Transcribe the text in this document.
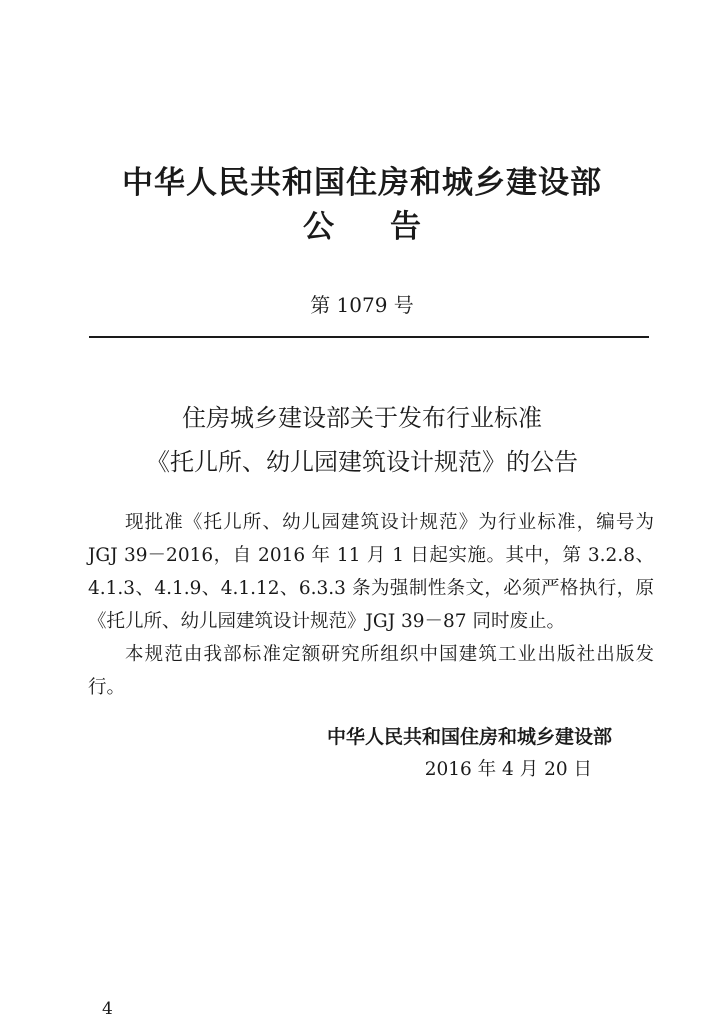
中华人民共和国住房和城乡建设部
公 告
第 1079 号
住房城乡建设部关于发布行业标准
《托儿所、幼儿园建筑设计规范》的公告

现批准《托儿所、幼儿园建筑设计规范》为行业标准，编号为 JGJ 39－2016，自 2016 年 11 月 1 日起实施。其中，第 3.2.8、4.1.3、4.1.9、4.1.12、6.3.3 条为强制性条文，必须严格执行，原《托儿所、幼儿园建筑设计规范》JGJ 39－87 同时废止。

本规范由我部标准定额研究所组织中国建筑工业出版社出版发行。

中华人民共和国住房和城乡建设部
2016 年 4 月 20 日
4
